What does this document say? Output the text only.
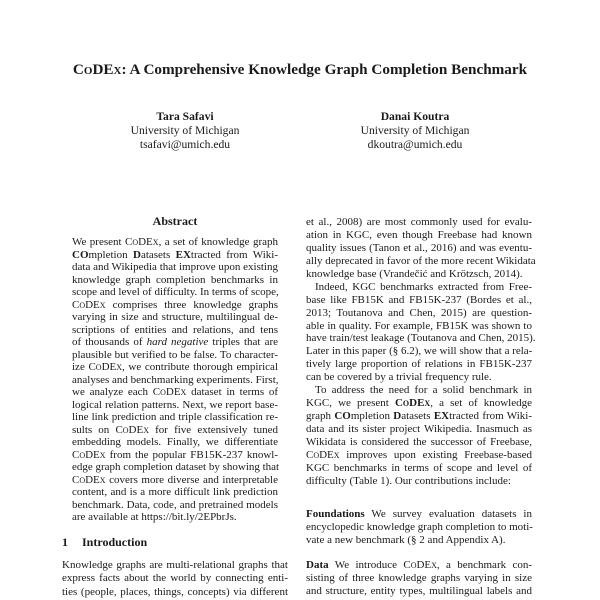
CoDEx: A Comprehensive Knowledge Graph Completion Benchmark
Tara Safavi
University of Michigan
tsafavi@umich.edu
Danai Koutra
University of Michigan
dkoutra@umich.edu
Abstract
We present CoDEx, a set of knowledge graph
COmpletion Datasets EXtracted from Wiki-
data and Wikipedia that improve upon existing
knowledge graph completion benchmarks in
scope and level of difficulty. In terms of scope,
CoDEx comprises three knowledge graphs
varying in size and structure, multilingual de-
scriptions of entities and relations, and tens
of thousands of hard negative triples that are
plausible but verified to be false. To character-
ize CoDEx, we contribute thorough empirical
analyses and benchmarking experiments. First,
we analyze each CoDEx dataset in terms of
logical relation patterns. Next, we report base-
line link prediction and triple classification re-
sults on CoDEx for five extensively tuned
embedding models. Finally, we differentiate
CoDEx from the popular FB15K-237 knowl-
edge graph completion dataset by showing that
CoDEx covers more diverse and interpretable
content, and is a more difficult link prediction
benchmark. Data, code, and pretrained models
are available at https://bit.ly/2EPbrJs.
1 Introduction
Knowledge graphs are multi-relational graphs that
express facts about the world by connecting enti-
ties (people, places, things, concepts) via different
et al., 2008) are most commonly used for evalu-
ation in KGC, even though Freebase had known
quality issues (Tanon et al., 2016) and was eventu-
ally deprecated in favor of the more recent Wikidata
knowledge base (Vrandečić and Krötzsch, 2014).
Indeed, KGC benchmarks extracted from Free-
base like FB15K and FB15K-237 (Bordes et al.,
2013; Toutanova and Chen, 2015) are question-
able in quality. For example, FB15K was shown to
have train/test leakage (Toutanova and Chen, 2015).
Later in this paper (§ 6.2), we will show that a rela-
tively large proportion of relations in FB15K-237
can be covered by a trivial frequency rule.
To address the need for a solid benchmark in
KGC, we present CoDEx, a set of knowledge
graph COmpletion Datasets EXtracted from Wiki-
data and its sister project Wikipedia. Inasmuch as
Wikidata is considered the successor of Freebase,
CoDEx improves upon existing Freebase-based
KGC benchmarks in terms of scope and level of
difficulty (Table 1). Our contributions include:
Foundations We survey evaluation datasets in
encyclopedic knowledge graph completion to moti-
vate a new benchmark (§ 2 and Appendix A).
Data We introduce CoDEx, a benchmark con-
sisting of three knowledge graphs varying in size
and structure, entity types, multilingual labels and
